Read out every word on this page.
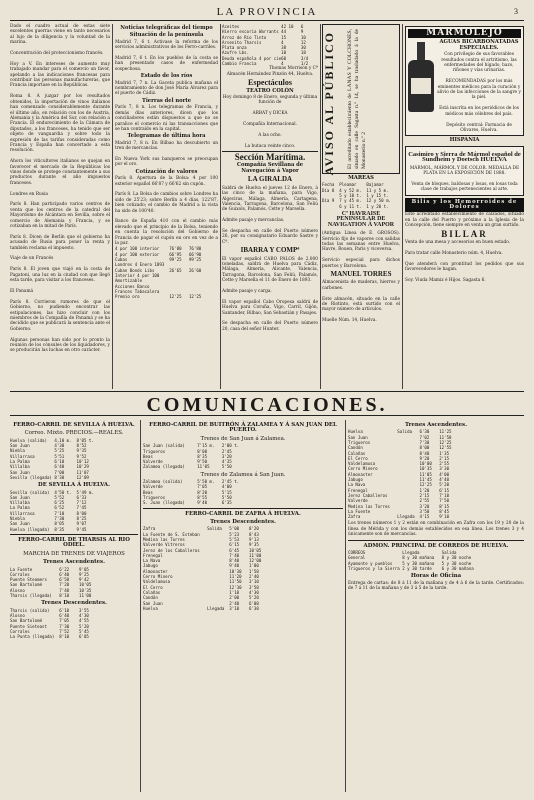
LA PROVINCIA	3
Dado el cuadro actual de estas siete excelentes guerras viene en tanto necesarios al lujo de la diligencia y la voluntad de la marina.

Concentración del proteccionismo francés.

Hoy a V. En intereses de aumento muy trabajado mandar para el comercio un favor, apelando a las indicaciones francesas para contribuir las personas manufactureras, que Francia importase en la Repúblicas.

Roma 8. A juzgar por los resultados obtenidos, la importación de vinos italianos han comenzado considerablemente durante el último año, en relación con los de Austria, Alemania y la América del Sur, con relación a Francia. El endurecimiento de la Cámara de diputados, a los franceses, ha tenido que ser objeto de vanguardia y sobre todo la expresión de las tarifas consideradas como Francia y España han concertado a esta resolución.

Ahora los viticultores italianos se quejan en favorecer el mercado de la Repúblicas los vinos donde se protege constantemente a sus productos durante el año impuestos franceses.

Londres en Rusia

París 8. Han participado varios centros de venta que los centros de la catedral del Mayordomo de Alcántara en Sevilla, sobre el comercio de Alemania y Francia, y se cotizaban en la mitad de París.

París 8. Dicen de Berlín que el gobierno ha acusado de Rusia para poner la renta y también reclama el impuesto.

Viaje de un Francés

París 8. El joven que viajó en la costa de Pagatoni, una luz en la ciudad con que llegó esta tarde, para visitar a los franceses.

El Panamá

París 8. Corrieron rumores de que el Gobierno, no pudiendo encontrar las estipulaciones, las hizo concluir con los miembros de la Compañía de Panamá y se ha decidido que se publicará la sentencia ante el Gobierno.

Algunas personas han sido por lo pronto la reunión de los cónsules de los liquidadores, y se producirán las luchas en otro carácter.
Noticias telegráficas del tiempo
Situación de la península
Madrid 7, 6 t. Activase la reforma de los servicios administrativos de los Ferro-carriles.

Madrid 7, 6 t. En los pueblos de la costa se han presentado casos de enfermedad sospechosa.
Estado de los ríos
Madrid 7, 7 n. La Gaceta publica mañana el nombramiento de don José María Alvarez para el puerto de Cádiz.
Tierras del norte
París 7, 8 n. Los telegramas de Francia, y demás días anteriores, dicen que los conciliadores están dispuestos a que no se paralice el comercio ni las transacciones que se han contraído en la capital.
Telegramas de última hora
Madrid 7, 8 n. En Bilbao ha descubierto un tren de mercancías.

En Nueva York sus banqueros se preocupan por el oro.
Cotización de valores
París 8. Apertura de la Bolsa: 4 por 100 exterior español 66'87 y 66'62 sin cupón.

París 8. La Bolsa de cambios sobre Londres ha sido de 25'23; sobre Berlín a 4 días, 122'87, bien cotizado; el cambio de Madrid a la vista ha sido de 100'40.

Banco de España 410 con el cambio más elevado que el principio de la Bolsa, teniendo en cuenta la resolución del Gobierno de Francia de pagar el cupón en oro en vez de a la par.
4 por 100 interior    76'80   76'80
4 por 100 exterior    66'95   66'90
Cubas                 99'25   99'25
Londres 4 Enero 1893
Cuban Bonds Libs      26'65   26'60
Interior 4 por 100
Amortizable
Acciones Banco
Frances Tabacalera
Premio oro            12'25   12'25
Aceites                 42 10   6
Hierro escoria Warrants 44      9
Arroz de Río Tinto      15      10
Arsenito Tharsis        4       12
Plata onza              38      30
Azufre Lbs.             10      18
Deuda española 4 por cie60      3/4
Cambio Francia          4       1/2
Thomas Morrison y Cª
Almacén Hernández Pinzón 44, Huelva.
Espectáculos
TEATRO COLÓN
Hoy domingo 8 de Enero, segunda y última función de

ARBAT y DICKA

Compañía Internacional.

A las ocho.

La butaca veinte cinco.
Sección Marítima.
Compañía Sevillana de Navegación á Vapor
LA GIRALDA
Saldrá de Huelva el jueves 12 de Enero, á las cinco de la mañana, para Vigo, Algeciras, Málaga, Almería, Cartagena, Valencia, Tarragona, Barcelona, San Feliú de Guixols, Palamós, Cette y Marsella.

Admite pasaje y mercancías.

Se despacha en calle del Puerto número 26, por su consignatario Eduardo Sastre y Cª.
IBARRA Y COMPª
El vapor español CABO PALOS de 2.000 toneladas, saldrá de Huelva para Cádiz, Málaga, Almería, Alicante, Valencia, Tarragona, Barcelona, San Feliú, Palamós, Cette y Marsella el 11 de Enero de 1893.

Admite pasaje y carga.

El vapor español Cabo Oropesa saldrá de Huelva para Coruña, Vigo, Carril, Gijón, Santander, Bilbao, San Sebastián y Pasajes.

Se despacha en calle del Puerto número 20, casa del señor Hunter.
AVISO AL PÚBLICO El acreditado establecimiento de LANAS Y COLCHONES, situado en calle Sagasta n.º 14, se ha trasladado á la de Monasterio n.º 2
MAREAS
Fecha  Pleamar    Bajamar
Día 8  4 y 52 m.  11 y 5 m.
5 y 10 t.  1 y 15 t.
Día 9  7 y 45 m.  12 y 50 m.
6 y 11 t.  1 y 20 t.
Cª HAVRAISE PENINSULAR DE NAVIGATION Á VAPOR
(Antigua Línea de E. GROSOS). Servicio fijo de vapores con salidas todas las semanas entre Huelva, Havre, Rouen, París y viceversa.

Servicio especial para dichos puertos y Barcelona.
MANUEL TORRES
Almacenista de maderas, hierros y carbones.

Este almacén, situado en la calle de Riotinto, está surtido con el mayor número de artículos.

Muelle Núm. 14, Huelva.
MARMOLEJO
AGUAS BICARBONATADAS ESPECIALES.
Con privilegio de sus favorables resultados contra el artritismo, las enfermedades del hígado, bazo, riñones y vías urinarias.

RECOMENDADAS por los más eminentes médicos para la curación y alivio de las infecciones de la sangre y la piel.

Está inscrita en los periódicos de los médicos más célebres del país.

Depósito central: Farmacia de Olivares, Huelva.
HISPANIA
Casimiro y Sierra de Mármol español de Sundheim y Doetsch HUELVA
MÁRMOL, MÁRMOL Y DE COLOR. MEDALLA DE PLATA EN LA EXPOSICIÓN DE 1888.

Venta de bloques, baldosas y losas, en losas toda clase de trabajos pertenecientes al arte.
Bilis y los Hemorroides de Dolores
Este acreditado establecimiento de calzados, situado en la calle del Puerto y próximo a la Iglesia de la Concepción, tiene siempre en venta un gran surtido.
BILLAR
Venta de una mesa y accesorios en buen estado.

Para tratar calle Monasterio núm. 4, Huelva.

Que atenderá con prontitud los pedidos que sus favorecedores le hagan.

Soy. Viuda Mamiz é Hijos. Sagasta 6.
COMUNICACIONES.
FERRO-CARRIL DE SEVILLA Á HUELVA.
Correo. Mixto. PRECIOS.—REALES.
Huelva (salida)   4,10 m.  8'05 t.
San Juan          4'30     8'52
Niebla            5'25     9'35
Villarrasa        5'51     9'52
La Palma          6'10     10'12
Villalba          6'40     10'29
San Juan          7'00     11'07
Sevilla (llegada) 8'30     12'09
DE SEVILLA Á HUELVA.
Sevilla (salida)  4'50 t.  5'49 m.
San Juan          5'52     6'33
Villalba          6'25     7'12
La Palma          6'52     7'45
Villarrasa        7'10     8'00
Niebla            7'30     8'25
San Juan          8'05     9'07
Huelva (llegada)  8'35     9'45
FERRO-CARRIL DE THARSIS AL RIO ODIEL.
MARCHA DE TRENES DE VIAJEROS
Trenes Ascendentes.
La Fuente           6'22    9'05
Corrales            6'40    9'25
Puente Steamers     6'58    9'42
San Bartolomé       7'20    10'05
Alosno              7'48    10'35
Tharsis (llegada)   8'10    11'00
Trenes Descendentes.
Tharsis (salida)    6'10    3'55
Alosno              6'40    4'30
San Bartolomé       7'05    4'55
Puente Sieteast     7'30    5'20
Corrales            7'52    5'45
La Punta (llegada)  8'10    6'05
FERRO-CARRIL DE BUITRÓN Á ZALAMEA Y Á SAN JUAN DEL PUERTO.
Trenes de San Juan á Zalamea.
San Juan (salida)     7'15 m.   2'00 t.
Trigueros             8'00      2'45
Beas                  8'35      3'20
Valverde              9'50      4'35
Zalamea (llegada)     11'05     5'50
Trenes de Zalamea á San Juan.
Zalamea (salida)      5'50 m.   2'45 t.
Valverde              7'05      4'00
Beas                  8'20      5'15
Trigueros             8'55      5'50
S. Juan (llegada)     9'40      6'35
FERRO-CARRIL DE ZAFRA Á HUELVA.
Trenes Descendentes.
Zafra                     Salida   5'00    8'20
La Fuente de S. Esteban            5'23    8'43
Medina las Torres                  5'53    9'13
Valverde Vitreros                  6'15    9'35
Jerez de los Caballeros            6'45    10'05
Frenegal                           7'40    11'00
La Nava                            8'40    12'00
Jabugo                             9'40    1'00
Almonaster                         10'30   1'50
Cerro Minero                       11'20   2'40
Valdelamusa                        11'50   3'10
El Cerro                           12'30   3'50
Calañas                            1'10    4'30
Candón                             2'00    5'20
San Juan                           2'40    6'00
Huelva                    Llegada  3'10    6'30
Trenes Ascendentes.
Huelva              Salida   6'30    11'25
San Juan                     7'02    11'58
Trigueros                    7'30    12'25
Candón                       8'00    12'55
Calañas                      8'40    1'35
El Cerro                     9'20    2'15
Valdelamusa                  10'00   2'55
Cerro Minero                 10'35   3'30
Almonaster                   11'05   4'00
Jabugo                       11'45   4'40
La Nava                      12'25   5'20
Frenegal                     1'20    6'15
Jerez Caballeros             2'15    7'10
Valverde                     2'55    7'50
Medina las Torres            3'20    8'15
La Fuente                    3'50    8'45
Zafra               Llegada  4'15    9'10
Los trenes números 1 y 2 están en combinación en Zafra con los 19 y 20 de la línea de Mérida y con los demás establecidos en esa línea. Los trenes 3 y 4 únicamente son de mercancías.
ADMON. PRINCIPAL DE CORREOS DE HUELVA.
CORREOS               Llegada         Salida
General               8 y 30 mañana   8 y 30 noche
Ayamonte y pueblos    5 y 30 mañana   5 y 30 noche
Trigueros y la Sierra 2 y 30 tarde    6 y 30 mañana
Horas de Oficina
Entrega de cartas: de 8 á 11 de la mañana y de 4 á 6 de la tarde. Certificados: de 7 á 11 de la mañana y de 3 á 5 de la tarde.
